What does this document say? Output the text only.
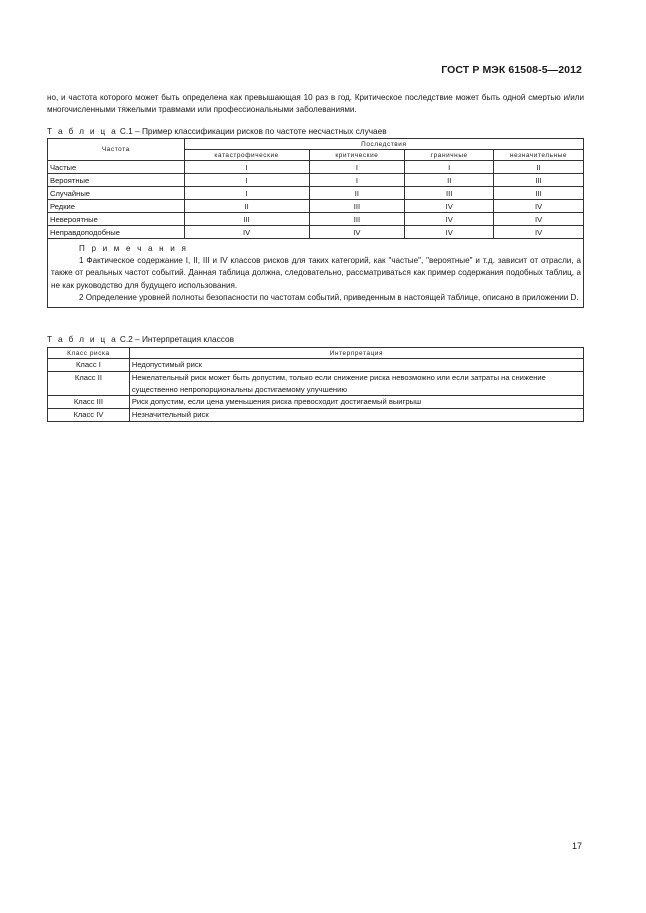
ГОСТ Р МЭК 61508-5—2012
но, и частота которого может быть определена как превышающая 10 раз в год. Критическое последствие может быть одной смертью и/или многочисленными тяжелыми травмами или профессиональными заболеваниями.
Т а б л и ц а С.1 – Пример классификации рисков по частоте несчастных случаев
Частота	Последствия			
	катастрофические	критические	граничные	незначительные
Частые	I	I	I	II
Вероятные	I	I	II	III
Случайные	I	II	III	III
Редкие	II	III	IV	IV
Невероятные	III	III	IV	IV
Неправдоподобные	IV	IV	IV	IV

П р и м е ч а н и я
1 Фактическое содержание I, II, III и IV классов рисков для таких категорий, как "частые", "вероятные" и т.д. зависит от отрасли, а также от реальных частот событий. Данная таблица должна, следовательно, рассматриваться как пример содержания подобных таблиц, а не как руководство для будущего использования.
2 Определение уровней полноты безопасности по частотам событий, приведенным в настоящей таблице, описано в приложении D.				
Т а б л и ц а С.2 – Интерпретация классов
Класс риска	Интерпретация
Класс I	Недопустимый риск
Класс II	Нежелательный риск может быть допустим, только если снижение риска невозможно или если затраты на снижение существенно непропорциональны достигаемому улучшению
Класс III	Риск допустим, если цена уменьшения риска превосходит достигаемый выигрыш
Класс IV	Незначительный риск
17
